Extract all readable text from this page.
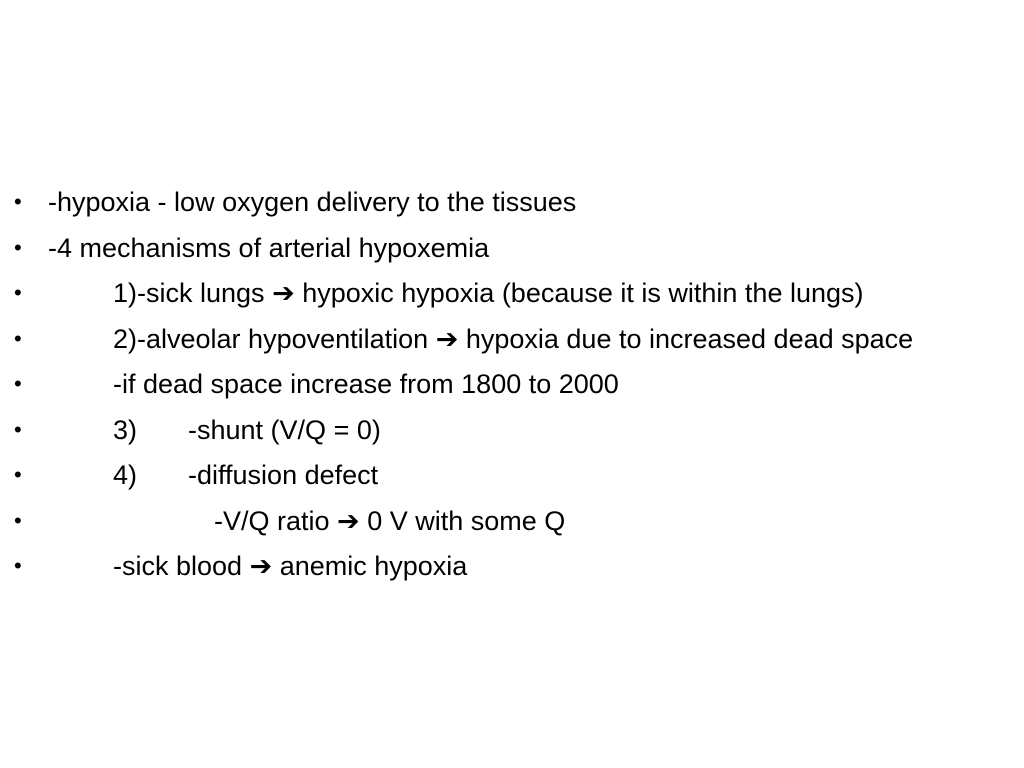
• -hypoxia - low oxygen delivery to the tissues
• -4 mechanisms of arterial hypoxemia
•	1)-sick lungs ➔ hypoxic hypoxia (because it is within the lungs)
•	2)-alveolar hypoventilation ➔ hypoxia due to increased dead space
•	-if dead space increase from 1800 to 2000
•	3) -shunt (V/Q = 0)
•	4) -diffusion defect
•	-V/Q ratio ➔ 0 V with some Q
•	-sick blood ➔ anemic hypoxia
